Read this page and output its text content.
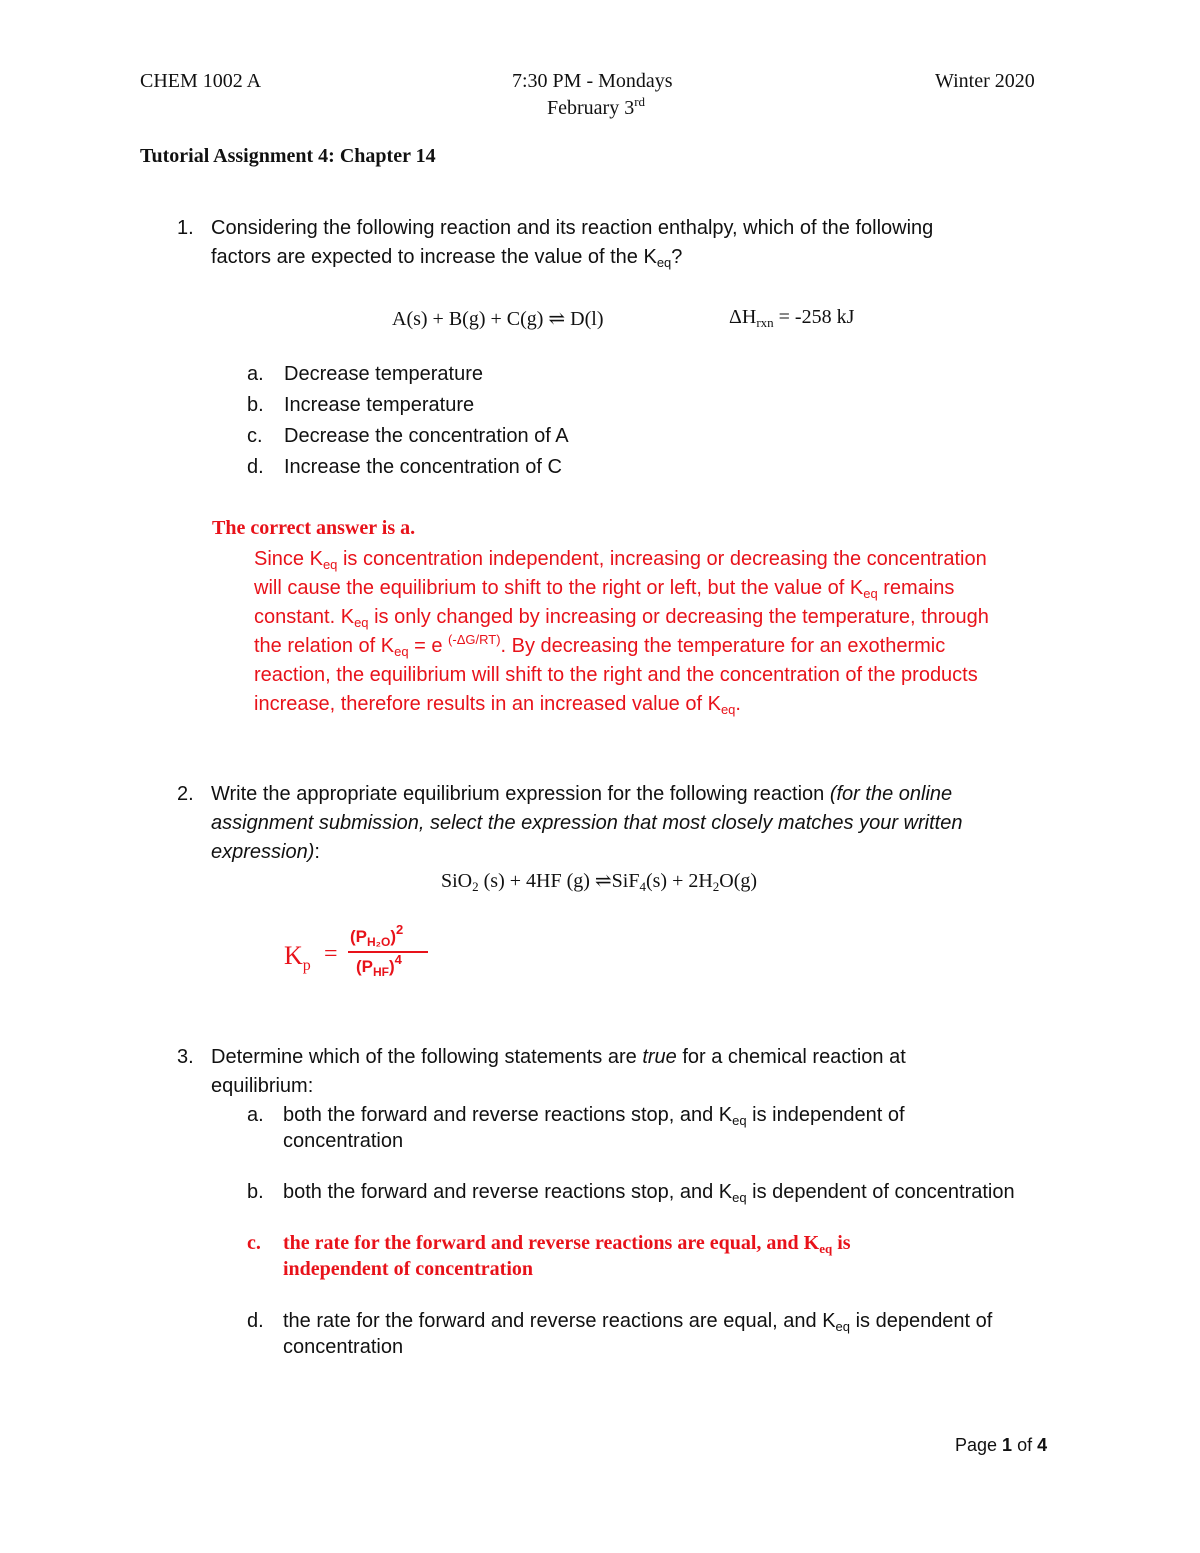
CHEM 1002 A	7:30 PM - Mondays	Winter 2020
February 3rd
Tutorial Assignment 4: Chapter 14
1. Considering the following reaction and its reaction enthalpy, which of the following
factors are expected to increase the value of the $K_{eq}$?
A(s) + B(g) + C(g) ⇌ D(l)	$\Delta H_{rxn} = -258$ kJ
a. Decrease temperature
b. Increase temperature
c. Decrease the concentration of A
d. Increase the concentration of C
The correct answer is a.
Since $K_{eq}$ is concentration independent, increasing or decreasing the concentration
will cause the equilibrium to shift to the right or left, but the value of $K_{eq}$ remains
constant. $K_{eq}$ is only changed by increasing or decreasing the temperature, through
the relation of $K_{eq} = e$ $^{(-\Delta G/RT)}$. By decreasing the temperature for an exothermic
reaction, the equilibrium will shift to the right and the concentration of the products
increase, therefore results in an increased value of $K_{eq}$.
2. Write the appropriate equilibrium expression for the following reaction (for the online
assignment submission, select the expression that most closely matches your written
expression):
SiO$_2$ (s) + 4HF (g) ⇌SiF$_4$(s) + $2H_2O(g)$
$K_p$ =
$(P_{H_2O})^2$
$(P_{HF})^4$
3. Determine which of the following statements are true for a chemical reaction at
equilibrium:
a. both the forward and reverse reactions stop, and $K_{eq}$ is independent of
concentration
b. both the forward and reverse reactions stop, and $K_{eq}$ is dependent of concentration
c. the rate for the forward and reverse reactions are equal, and $K_{eq}$ is
independent of concentration
d. the rate for the forward and reverse reactions are equal, and $K_{eq}$ is dependent of
concentration
Page 1 of 4
